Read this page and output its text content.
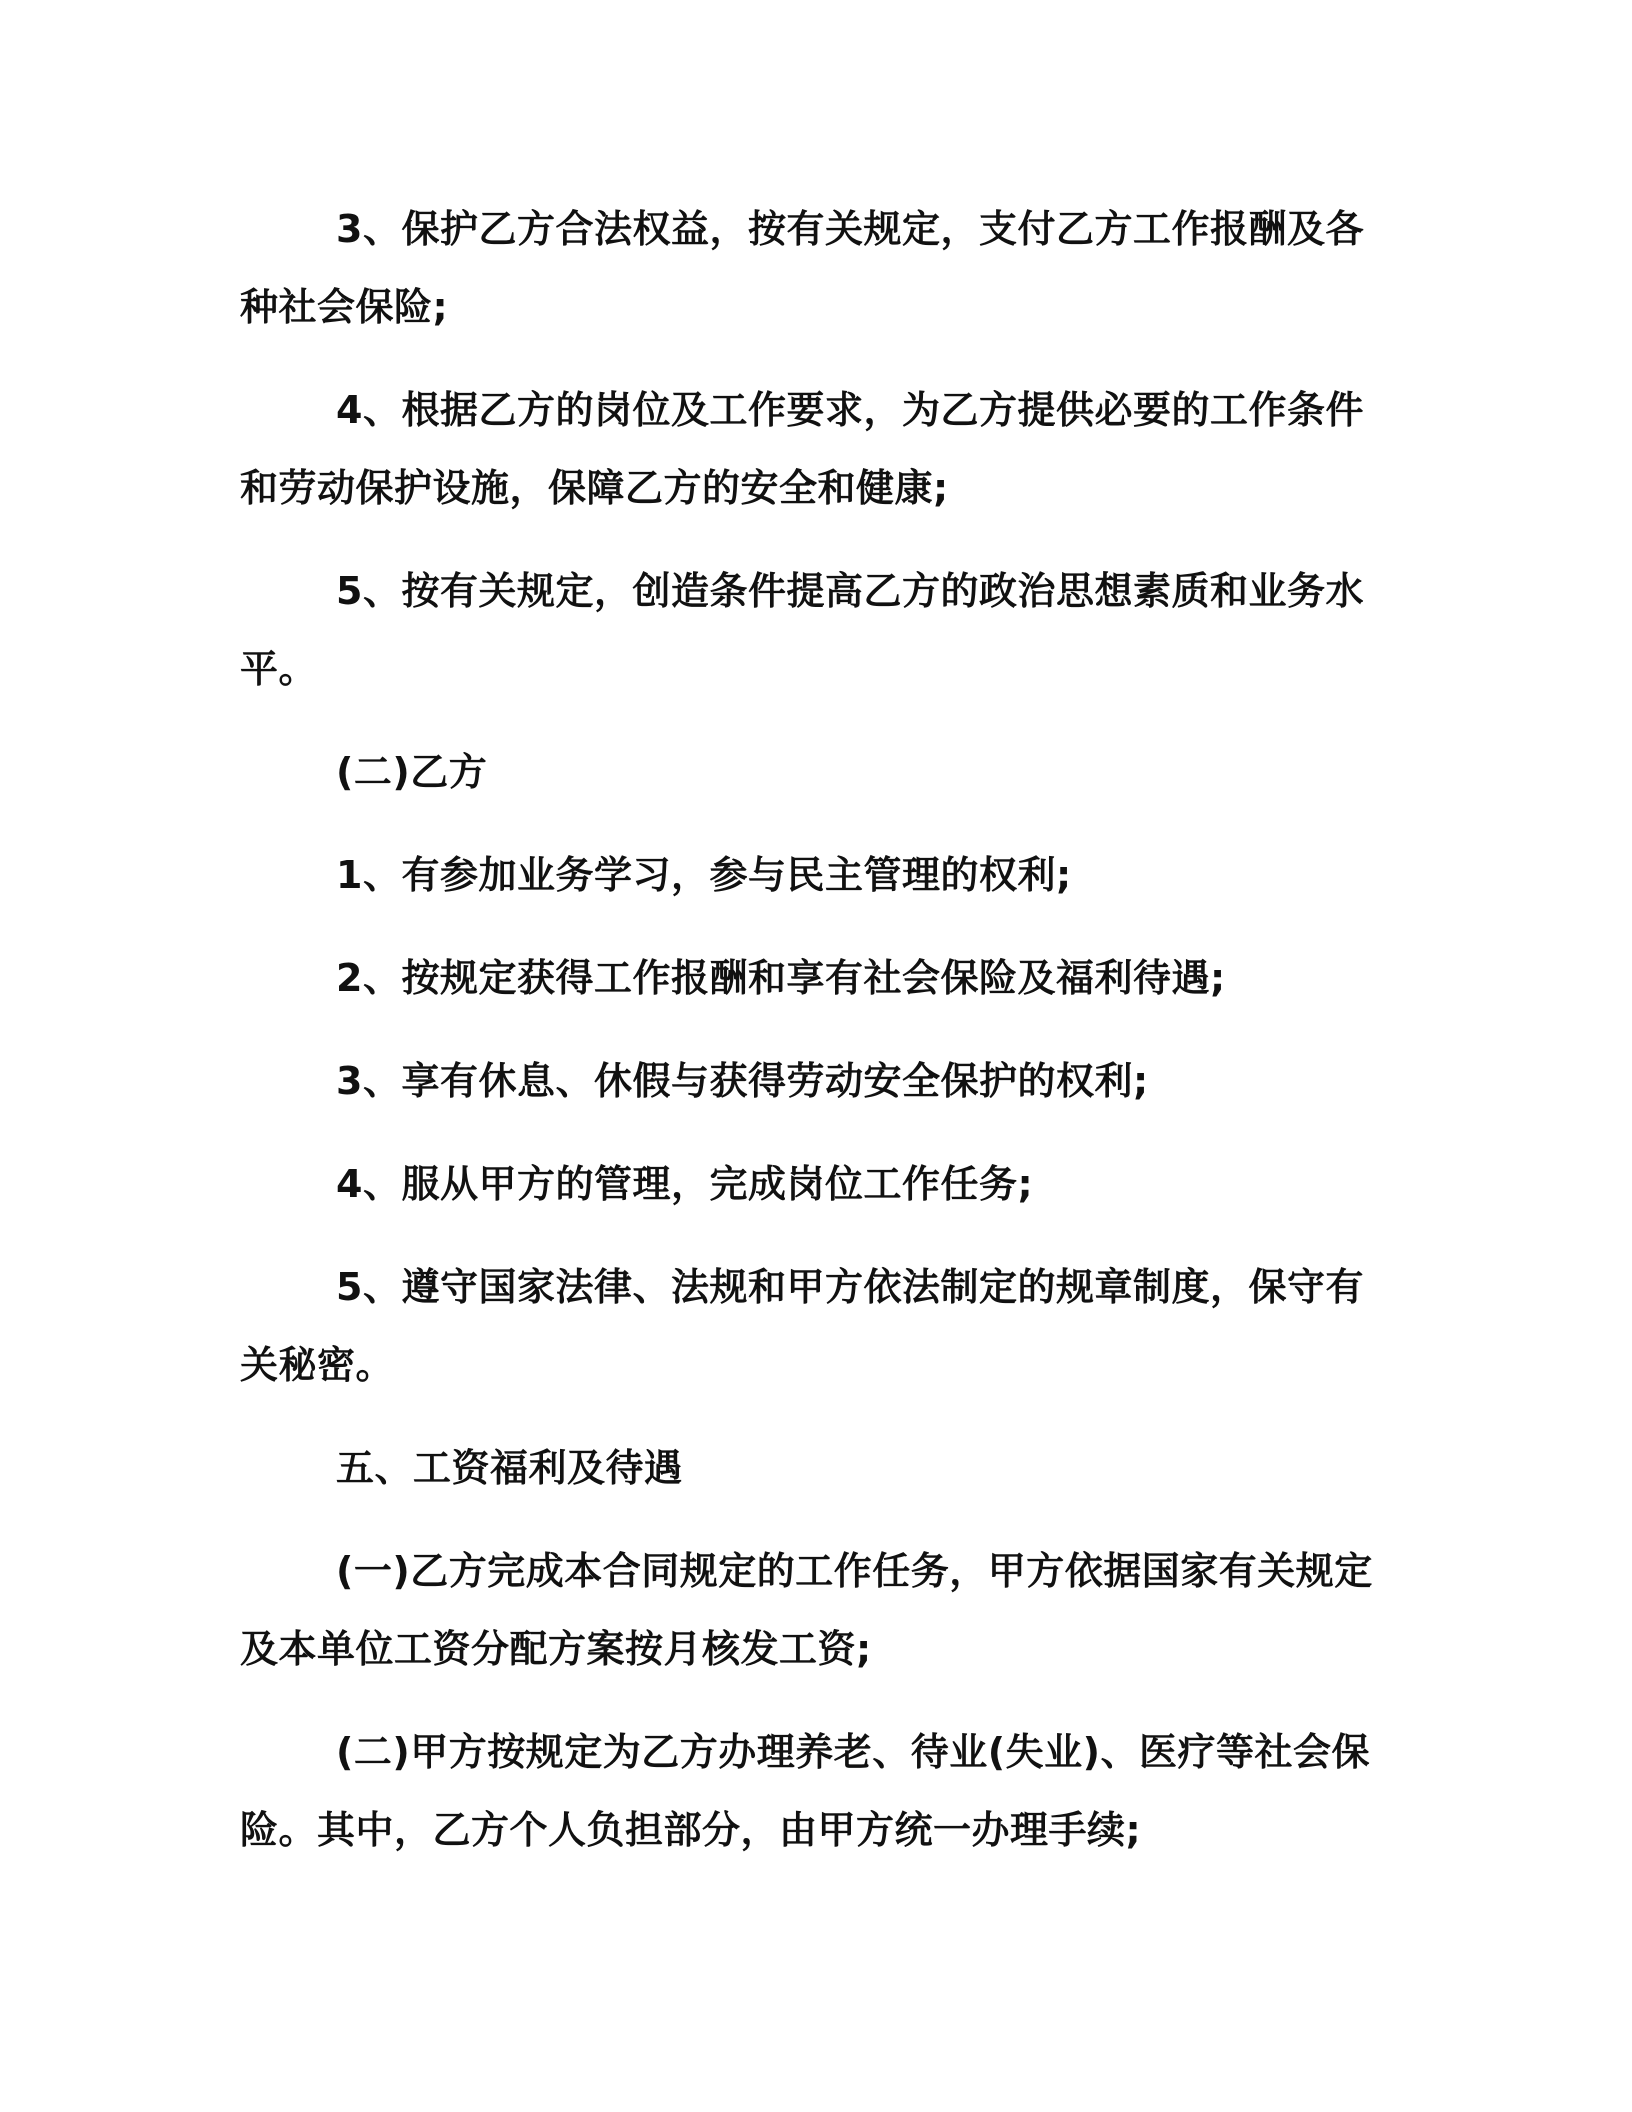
3、保护乙方合法权益，按有关规定，支付乙方工作报酬及各种社会保险;

4、根据乙方的岗位及工作要求，为乙方提供必要的工作条件和劳动保护设施，保障乙方的安全和健康;

5、按有关规定，创造条件提高乙方的政治思想素质和业务水平。

(二)乙方

1、有参加业务学习，参与民主管理的权利;

2、按规定获得工作报酬和享有社会保险及福利待遇;

3、享有休息、休假与获得劳动安全保护的权利;

4、服从甲方的管理，完成岗位工作任务;

5、遵守国家法律、法规和甲方依法制定的规章制度，保守有关秘密。

五、工资福利及待遇

(一)乙方完成本合同规定的工作任务，甲方依据国家有关规定及本单位工资分配方案按月核发工资;

(二)甲方按规定为乙方办理养老、待业(失业)、医疗等社会保险。其中，乙方个人负担部分，由甲方统一办理手续;
